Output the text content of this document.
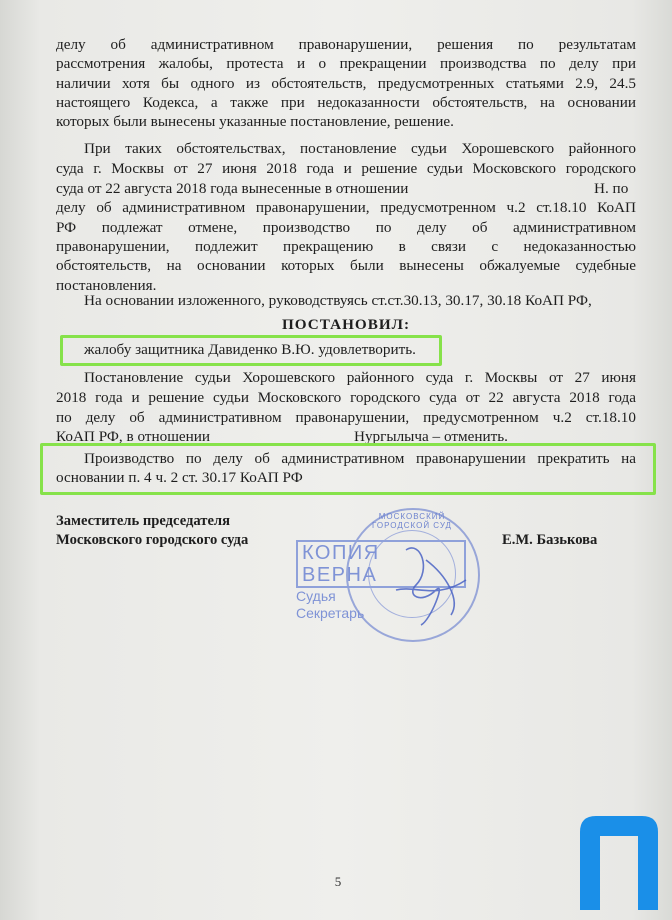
делу об административном правонарушении, решения по результатам
рассмотрения жалобы, протеста и о прекращении производства по делу при
наличии хотя бы одного из обстоятельств, предусмотренных статьями 2.9, 24.5
настоящего Кодекса, а также при недоказанности обстоятельств, на основании
которых были вынесены указанные постановление, решение.
При таких обстоятельствах, постановление судьи Хорошевского районного
суда г. Москвы от 27 июня 2018 года и решение судьи Московского городского
суда от 22 августа 2018 года вынесенные в отношении	Н. по
делу об административном правонарушении, предусмотренном ч.2 ст.18.10 КоАП
РФ подлежат отмене, производство по делу об административном
правонарушении, подлежит прекращению в связи с недоказанностью
обстоятельств, на основании которых были вынесены обжалуемые судебные
постановления.
На основании изложенного, руководствуясь ст.ст.30.13, 30.17, 30.18 КоАП РФ,
ПОСТАНОВИЛ:
жалобу защитника Давиденко В.Ю. удовлетворить.
Постановление судьи Хорошевского районного суда г. Москвы от 27 июня
2018 года и решение судьи Московского городского суда от 22 августа 2018 года
по делу об административном правонарушении, предусмотренном ч.2 ст.18.10
КоАП РФ, в отношении	Нургылыча – отменить.
Производство по делу об административном правонарушении прекратить на
основании п. 4 ч. 2 ст. 30.17 КоАП РФ
МОСКОВСКИЙ ГОРОДСКОЙ СУД
КОПИЯ ВЕРНА
Судья
Секретарь
Заместитель председателя
Московского городского суда	Е.М. Базькова
5
